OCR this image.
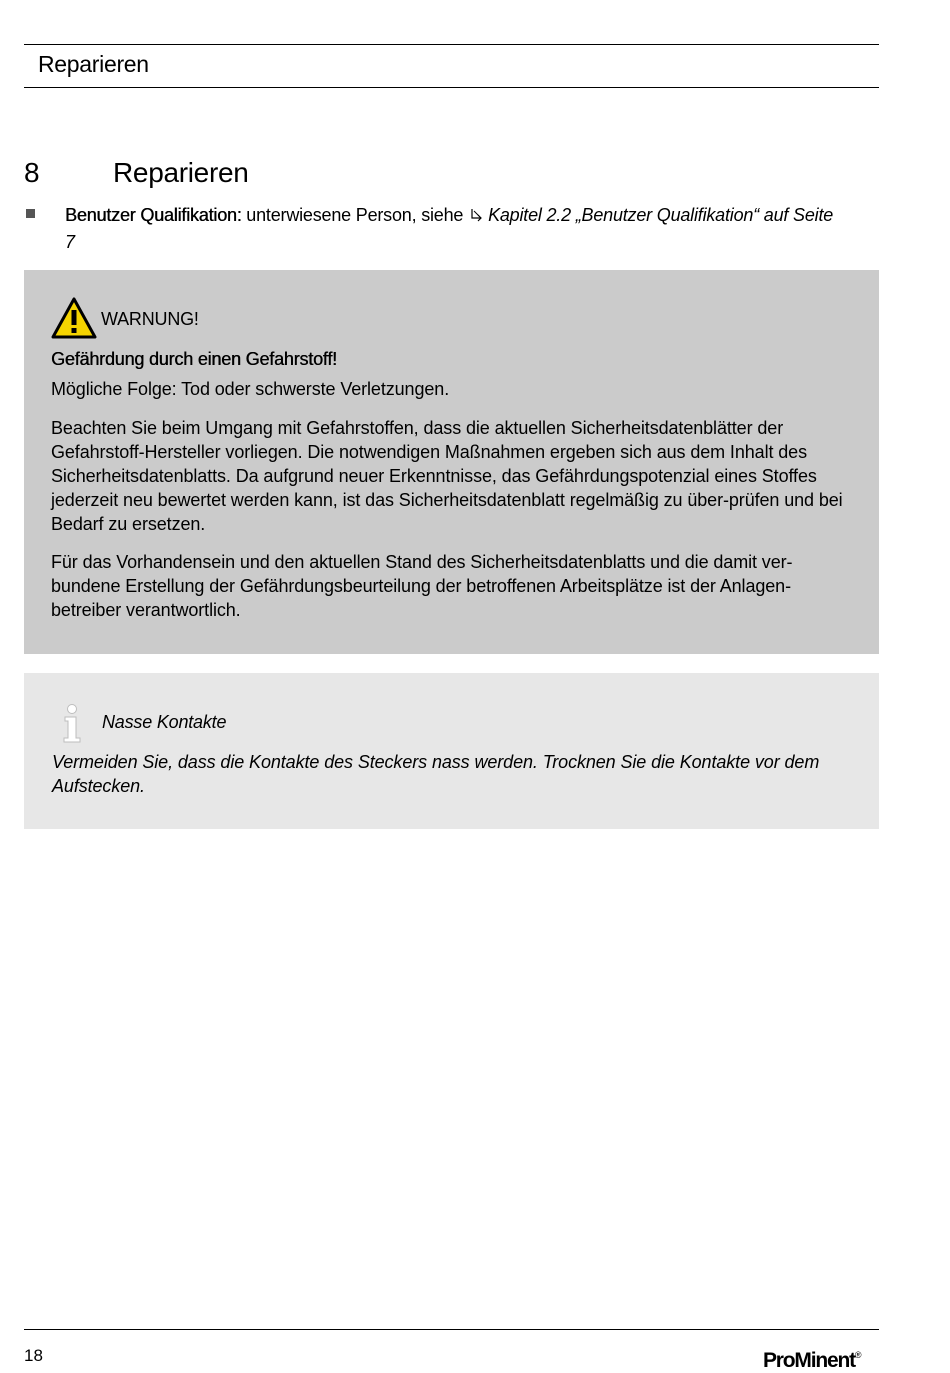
Reparieren
8	Reparieren
Benutzer Qualifikation: unterwiesene Person, siehe Kapitel 2.2 „Benutzer Qualifikation“ auf Seite 7
WARNUNG!
Gefährdung durch einen Gefahrstoff!
Mögliche Folge: Tod oder schwerste Verletzungen.
Beachten Sie beim Umgang mit Gefahrstoffen, dass die aktuellen Sicherheitsdatenblätter der Gefahrstoff-Hersteller vorliegen. Die notwendigen Maßnahmen ergeben sich aus dem Inhalt des Sicherheitsdatenblatts. Da aufgrund neuer Erkenntnisse, das Gefährdungspotenzial eines Stoffes jederzeit neu bewertet werden kann, ist das Sicherheitsdatenblatt regelmäßig zu über-prüfen und bei Bedarf zu ersetzen.
Für das Vorhandensein und den aktuellen Stand des Sicherheitsdatenblatts und die damit ver-bundene Erstellung der Gefährdungsbeurteilung der betroffenen Arbeitsplätze ist der Anlagen-betreiber verantwortlich.
Nasse Kontakte
Vermeiden Sie, dass die Kontakte des Steckers nass werden. Trocknen Sie die Kontakte vor dem Aufstecken.
18	ProMinent®
